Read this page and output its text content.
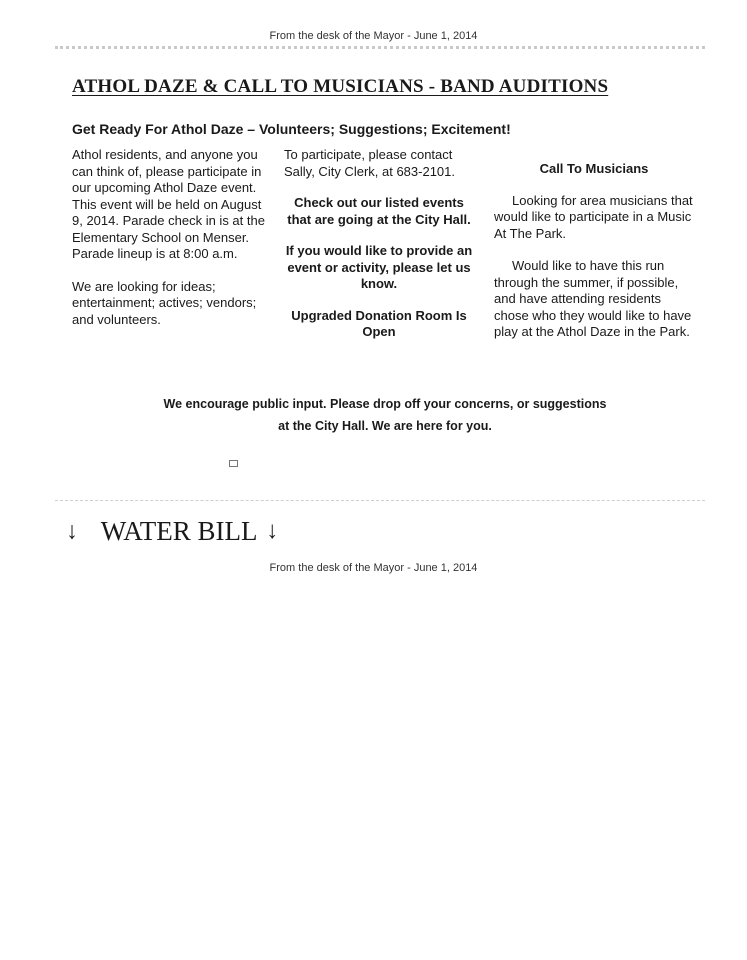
From the desk of the Mayor - June 1, 2014
ATHOL DAZE & CALL TO MUSICIANS - BAND AUDITIONS
Get Ready For Athol Daze – Volunteers; Suggestions; Excitement!

Athol residents, and anyone you can think of, please participate in our upcoming Athol Daze event. This event will be held on August 9, 2014. Parade check in is at the Elementary School on Menser. Parade lineup is at 8:00 a.m.

We are looking for ideas; entertainment; actives; vendors; and volunteers.

To participate, please contact Sally, City Clerk, at 683-2101.

Check out our listed events that are going at the City Hall.

If you would like to provide an event or activity, please let us know.

Upgraded Donation Room Is Open

Call To Musicians

Looking for area musicians that would like to participate in a Music At The Park.

Would like to have this run through the summer, if possible, and have attending residents chose who they would like to have play at the Athol Daze in the Park.

We encourage public input. Please drop off your concerns, or suggestions
at the City Hall. We are here for you.
↓ WATER BILL ↓
From the desk of the Mayor - June 1, 2014
